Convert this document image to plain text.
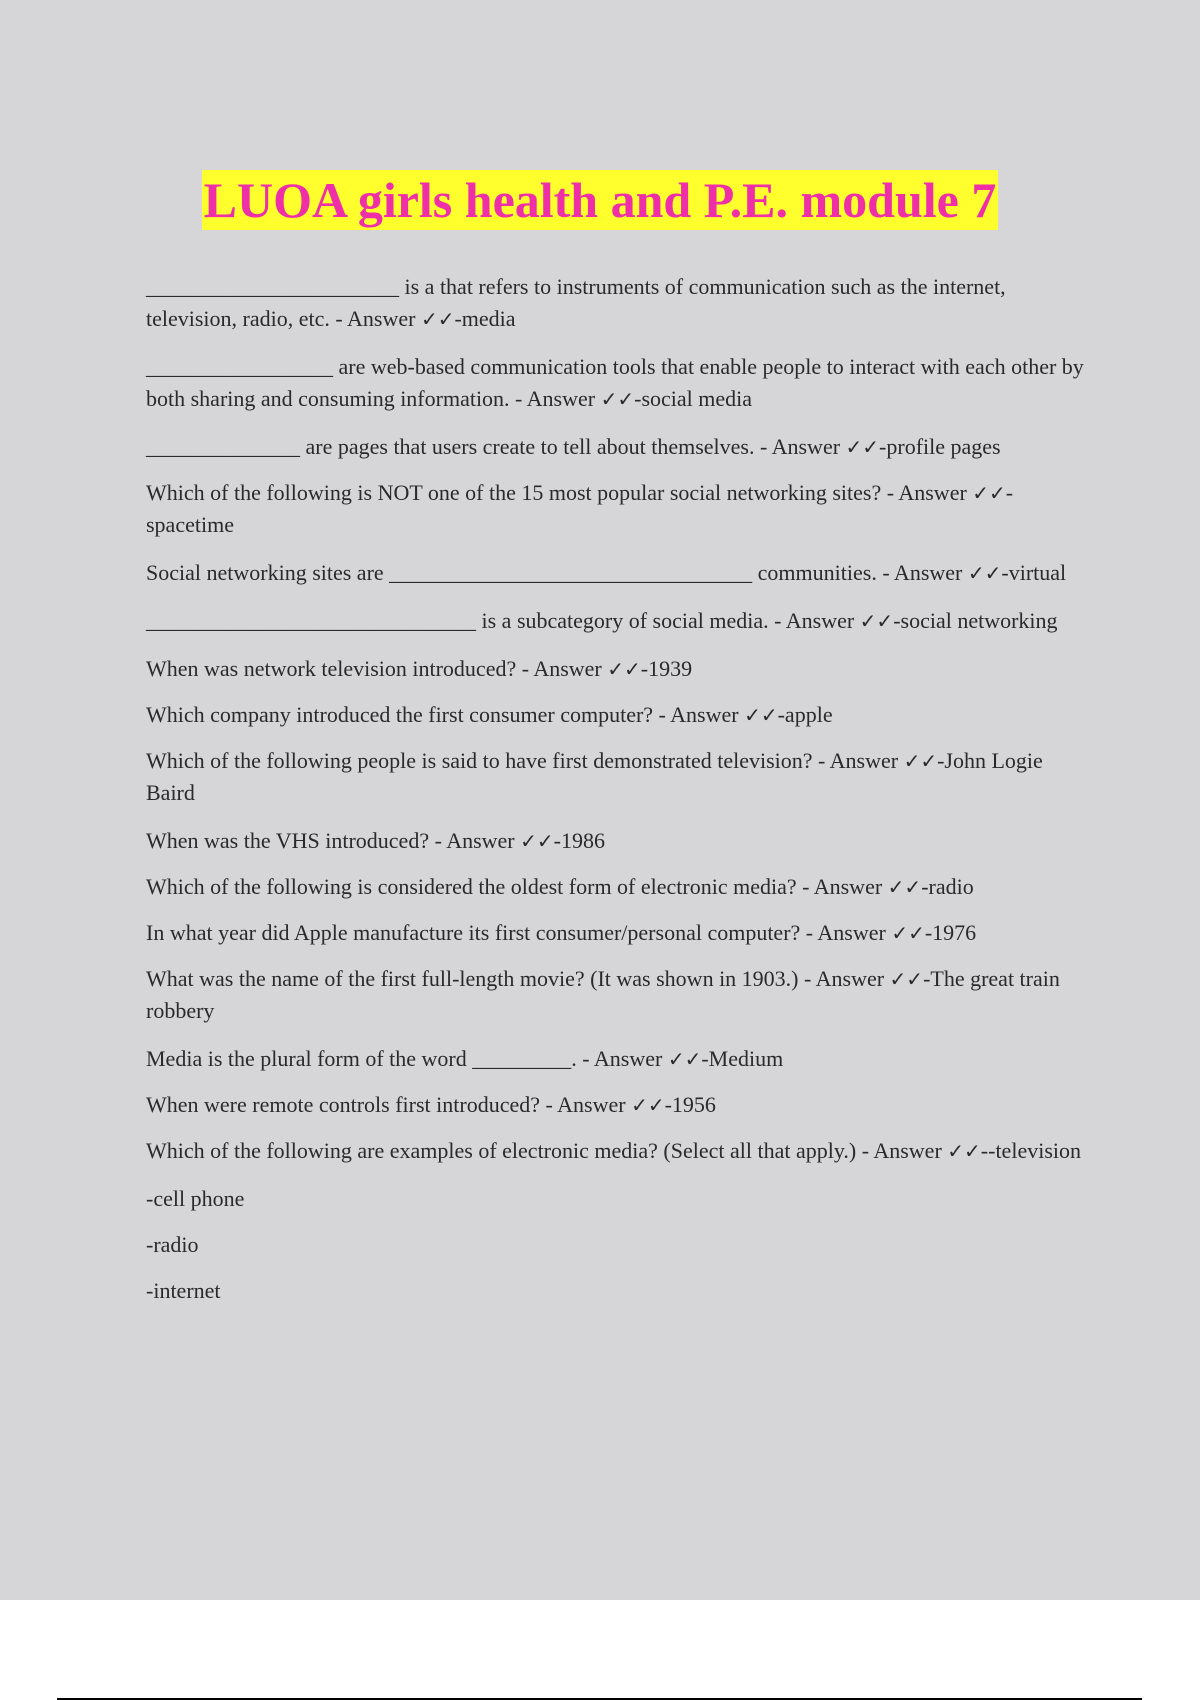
LUOA girls health and P.E. module 7

_______________________ is a that refers to instruments of communication such as the internet, television, radio, etc. - Answer ✓✓-media

_________________ are web-based communication tools that enable people to interact with each other by both sharing and consuming information. - Answer ✓✓-social media

______________ are pages that users create to tell about themselves. - Answer ✓✓-profile pages

Which of the following is NOT one of the 15 most popular social networking sites? - Answer ✓✓-spacetime

Social networking sites are _________________________________ communities. - Answer ✓✓-virtual

______________________________ is a subcategory of social media. - Answer ✓✓-social networking

When was network television introduced? - Answer ✓✓-1939

Which company introduced the first consumer computer? - Answer ✓✓-apple

Which of the following people is said to have first demonstrated television? - Answer ✓✓-John Logie Baird

When was the VHS introduced? - Answer ✓✓-1986

Which of the following is considered the oldest form of electronic media? - Answer ✓✓-radio

In what year did Apple manufacture its first consumer/personal computer? - Answer ✓✓-1976

What was the name of the first full-length movie? (It was shown in 1903.) - Answer ✓✓-The great train robbery

Media is the plural form of the word _________. - Answer ✓✓-Medium

When were remote controls first introduced? - Answer ✓✓-1956

Which of the following are examples of electronic media? (Select all that apply.) - Answer ✓✓--television

-cell phone

-radio

-internet
